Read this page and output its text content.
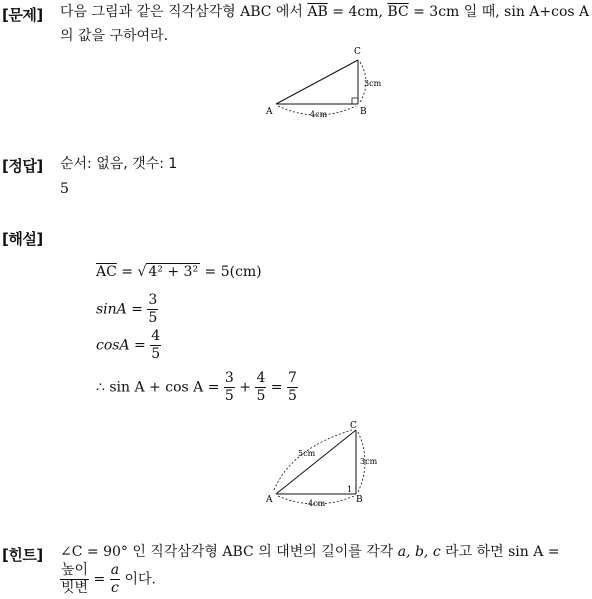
[문제] 다음 그림과 같은 직각삼각형 ABC 에서 $\overline{AB} = 4cm$, $\overline{BC} = 3cm$ 일 때, sin A+cos A
의 값을 구하여라.
A	B
C
4cm
3cm
[정답] 순서: 없음, 갯수: 1
5
[해설]
$\overline{AC}$ = √ 4² + 3² = 5(cm)
$\sin A = \frac{3}{5}$
$\cos A = \frac{4}{5}$
∴ $\sin A + \cos A = \frac{3}{5} + \frac{4}{5} = \frac{7}{5}$
1
A	B
C
4cm
3cm
5cm
[힌트] ∠C = 90° 인 직각삼각형 ABC 의 대변의 길이를 각각 a, b, c 라고 하면 sin A =
$\frac{\text{높이}}{\text{빗변}} = \frac{a}{c}$ 이다.
